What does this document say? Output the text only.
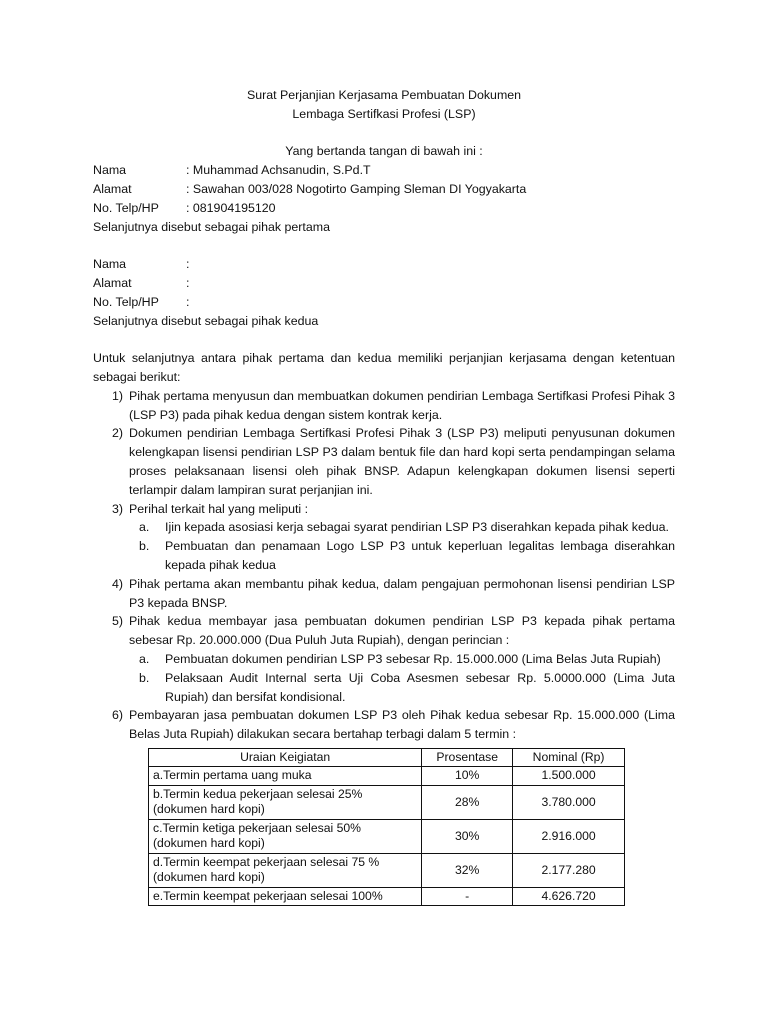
Surat Perjanjian Kerjasama Pembuatan Dokumen

Lembaga Sertifkasi Profesi (LSP)

Yang bertanda tangan di bawah ini :

Nama	: Muhammad Achsanudin, S.Pd.T
Alamat	: Sawahan 003/028 Nogotirto Gamping Sleman DI Yogyakarta
No. Telp/HP	: 081904195120
Selanjutnya disebut sebagai pihak pertama
Nama	:
Alamat	:
No. Telp/HP	:
Selanjutnya disebut sebagai pihak kedua
Untuk selanjutnya antara pihak pertama dan kedua memiliki perjanjian kerjasama dengan ketentuan sebagai berikut:
1) Pihak pertama menyusun dan membuatkan dokumen pendirian Lembaga Sertifkasi Profesi Pihak 3 (LSP P3) pada pihak kedua dengan sistem kontrak kerja.
2) Dokumen pendirian Lembaga Sertifkasi Profesi Pihak 3 (LSP P3) meliputi penyusunan dokumen kelengkapan lisensi pendirian LSP P3 dalam bentuk file dan hard kopi serta pendampingan selama proses pelaksanaan lisensi oleh pihak BNSP. Adapun kelengkapan dokumen lisensi seperti terlampir dalam lampiran surat perjanjian ini.
3) Perihal terkait hal yang meliputi :
a. Ijin kepada asosiasi kerja sebagai syarat pendirian LSP P3 diserahkan kepada pihak kedua.
b. Pembuatan dan penamaan Logo LSP P3 untuk keperluan legalitas lembaga diserahkan kepada pihak kedua
4) Pihak pertama akan membantu pihak kedua, dalam pengajuan permohonan lisensi pendirian LSP P3 kepada BNSP.
5) Pihak kedua membayar jasa pembuatan dokumen pendirian LSP P3 kepada pihak pertama sebesar Rp. 20.000.000 (Dua Puluh Juta Rupiah), dengan perincian :
a. Pembuatan dokumen pendirian LSP P3 sebesar Rp. 15.000.000 (Lima Belas Juta Rupiah)
b. Pelaksaan Audit Internal serta Uji Coba Asesmen sebesar Rp. 5.0000.000 (Lima Juta Rupiah) dan bersifat kondisional.
6) Pembayaran jasa pembuatan dokumen LSP P3 oleh Pihak kedua sebesar Rp. 15.000.000 (Lima Belas Juta Rupiah) dilakukan secara bertahap terbagi dalam 5 termin :
Uraian Keigiatan	Prosentase	Nominal (Rp)

a.Termin pertama uang muka	10%	1.500.000

b.Termin kedua pekerjaan selesai 25% (dokumen hard kopi)	28%	3.780.000

c.Termin ketiga pekerjaan selesai 50% (dokumen hard kopi)	30%	2.916.000

d.Termin keempat pekerjaan selesai 75 % (dokumen hard kopi)	32%	2.177.280

e.Termin keempat pekerjaan selesai 100%	-	4.626.720
